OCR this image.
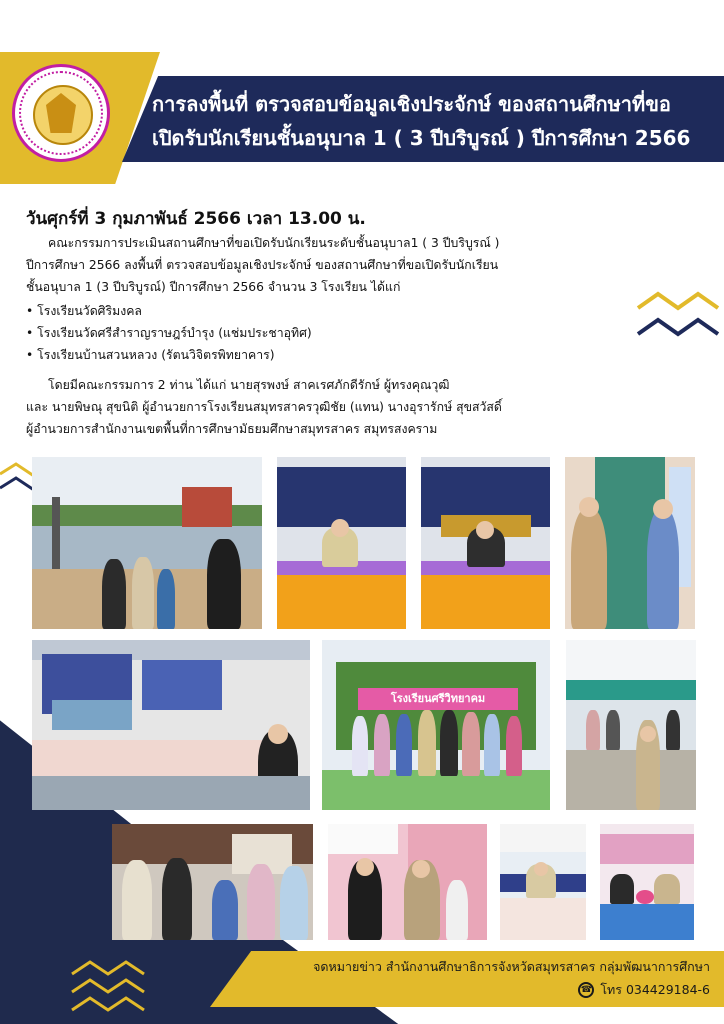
การลงพื้นที่ ตรวจสอบข้อมูลเชิงประจักษ์ ของสถานศึกษาที่ขอ
เปิดรับนักเรียนชั้นอนุบาล 1 ( 3 ปีบริบูรณ์ ) ปีการศึกษา 2566
วันศุกร์ที่ 3 กุมภาพันธ์ 2566 เวลา 13.00 น.
คณะกรรมการประเมินสถานศึกษาที่ขอเปิดรับนักเรียนระดับชั้นอนุบาล1 ( 3 ปีบริบูรณ์ )
ปีการศึกษา 2566 ลงพื้นที่ ตรวจสอบข้อมูลเชิงประจักษ์ ของสถานศึกษาที่ขอเปิดรับนักเรียน
ชั้นอนุบาล 1 (3 ปีบริบูรณ์) ปีการศึกษา 2566 จำนวน 3 โรงเรียน ได้แก่
• โรงเรียนวัดศิริมงคล
• โรงเรียนวัดศรีสำราญราษฎร์บำรุง (แช่มประชาอุทิศ)
• โรงเรียนบ้านสวนหลวง (รัตนวิจิตรพิทยาคาร)
โดยมีคณะกรรมการ 2 ท่าน ได้แก่ นายสุรพงษ์ สาคเรศภักดีรักษ์ ผู้ทรงคุณวุฒิ
และ นายพิษณุ สุขนิติ ผู้อำนวยการโรงเรียนสมุทรสาครวุฒิชัย (แทน) นางอุรารักษ์ สุขสวัสดิ์
ผู้อำนวยการสำนักงานเขตพื้นที่การศึกษามัธยมศึกษาสมุทรสาคร สมุทรสงคราม
โรงเรียนศรีวิทยาคม
จดหมายข่าว สำนักงานศึกษาธิการจังหวัดสมุทรสาคร กลุ่มพัฒนาการศึกษา
☎ โทร 034429184-6
